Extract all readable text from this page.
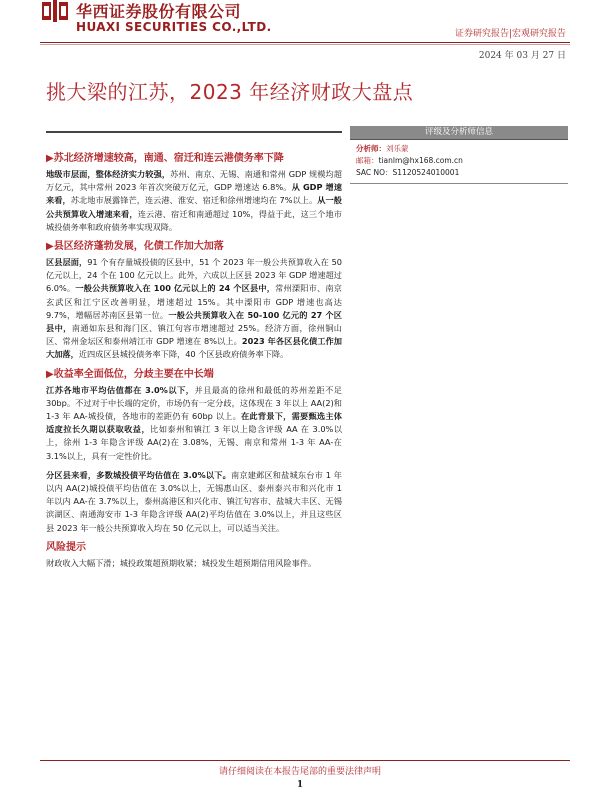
华西证券股份有限公司
HUAXI SECURITIES CO.,LTD.	证券研究报告|宏观研究报告
2024 年 03 月 27 日
挑大梁的江苏，2023 年经济财政大盘点
评级及分析师信息
分析师：刘乐蒙
邮箱：tianlm@hx168.com.cn
SAC NO：S1120524010001
▶苏北经济增速较高，南通、宿迁和连云港债务率下降
地级市层面，整体经济实力较强，苏州、南京、无锡、南通和常州 GDP 规模均超万亿元，其中常州 2023 年首次突破万亿元，GDP 增速达 6.8%。从 GDP 增速来看，苏北地市展露锋芒，连云港、淮安、宿迁和徐州增速均在 7%以上。从一般公共预算收入增速来看，连云港、宿迁和南通超过 10%，得益于此，这三个地市城投债务率和政府债务率实现双降。
▶县区经济蓬勃发展，化债工作加大加落
区县层面，91 个有存量城投债的区县中，51 个 2023 年一般公共预算收入在 50 亿元以上，24 个在 100 亿元以上。此外，六成以上区县 2023 年 GDP 增速超过 6.0%。一般公共预算收入在 100 亿元以上的 24 个区县中，常州溧阳市、南京玄武区和江宁区改善明显，增速超过 15%。其中溧阳市 GDP 增速也高达 9.7%，增幅居苏南区县第一位。一般公共预算收入在 50-100 亿元的 27 个区县中，南通如东县和海门区、镇江句容市增速超过 25%。经济方面，徐州铜山区、常州金坛区和泰州靖江市 GDP 增速在 8%以上。2023 年各区县化债工作加大加落，近四成区县城投债务率下降，40 个区县政府债务率下降。
▶收益率全面低位，分歧主要在中长端
江苏各地市平均估值都在 3.0%以下，并且最高的徐州和最低的苏州差距不足 30bp。不过对于中长端的定价，市场仍有一定分歧，这体现在 3 年以上 AA(2)和 1-3 年 AA-城投债，各地市的差距仍有 60bp 以上。在此背景下，需要甄选主体适度拉长久期以获取收益，比如泰州和镇江 3 年以上隐含评级 AA 在 3.0%以上，徐州 1-3 年隐含评级 AA(2)在 3.08%，无锡、南京和常州 1-3 年 AA-在 3.1%以上，具有一定性价比。
分区县来看，多数城投债平均估值在 3.0%以下。南京建邺区和盐城东台市 1 年以内 AA(2)城投债平均估值在 3.0%以上，无锡惠山区、泰州泰兴市和兴化市 1 年以内 AA-在 3.7%以上，泰州高港区和兴化市、镇江句容市、盐城大丰区、无锡滨湖区、南通海安市 1-3 年隐含评级 AA(2)平均估值在 3.0%以上，并且这些区县 2023 年一般公共预算收入均在 50 亿元以上，可以适当关注。
风险提示
财政收入大幅下滑；城投政策超预期收紧；城投发生超预期信用风险事件。
请仔细阅读在本报告尾部的重要法律声明
1
